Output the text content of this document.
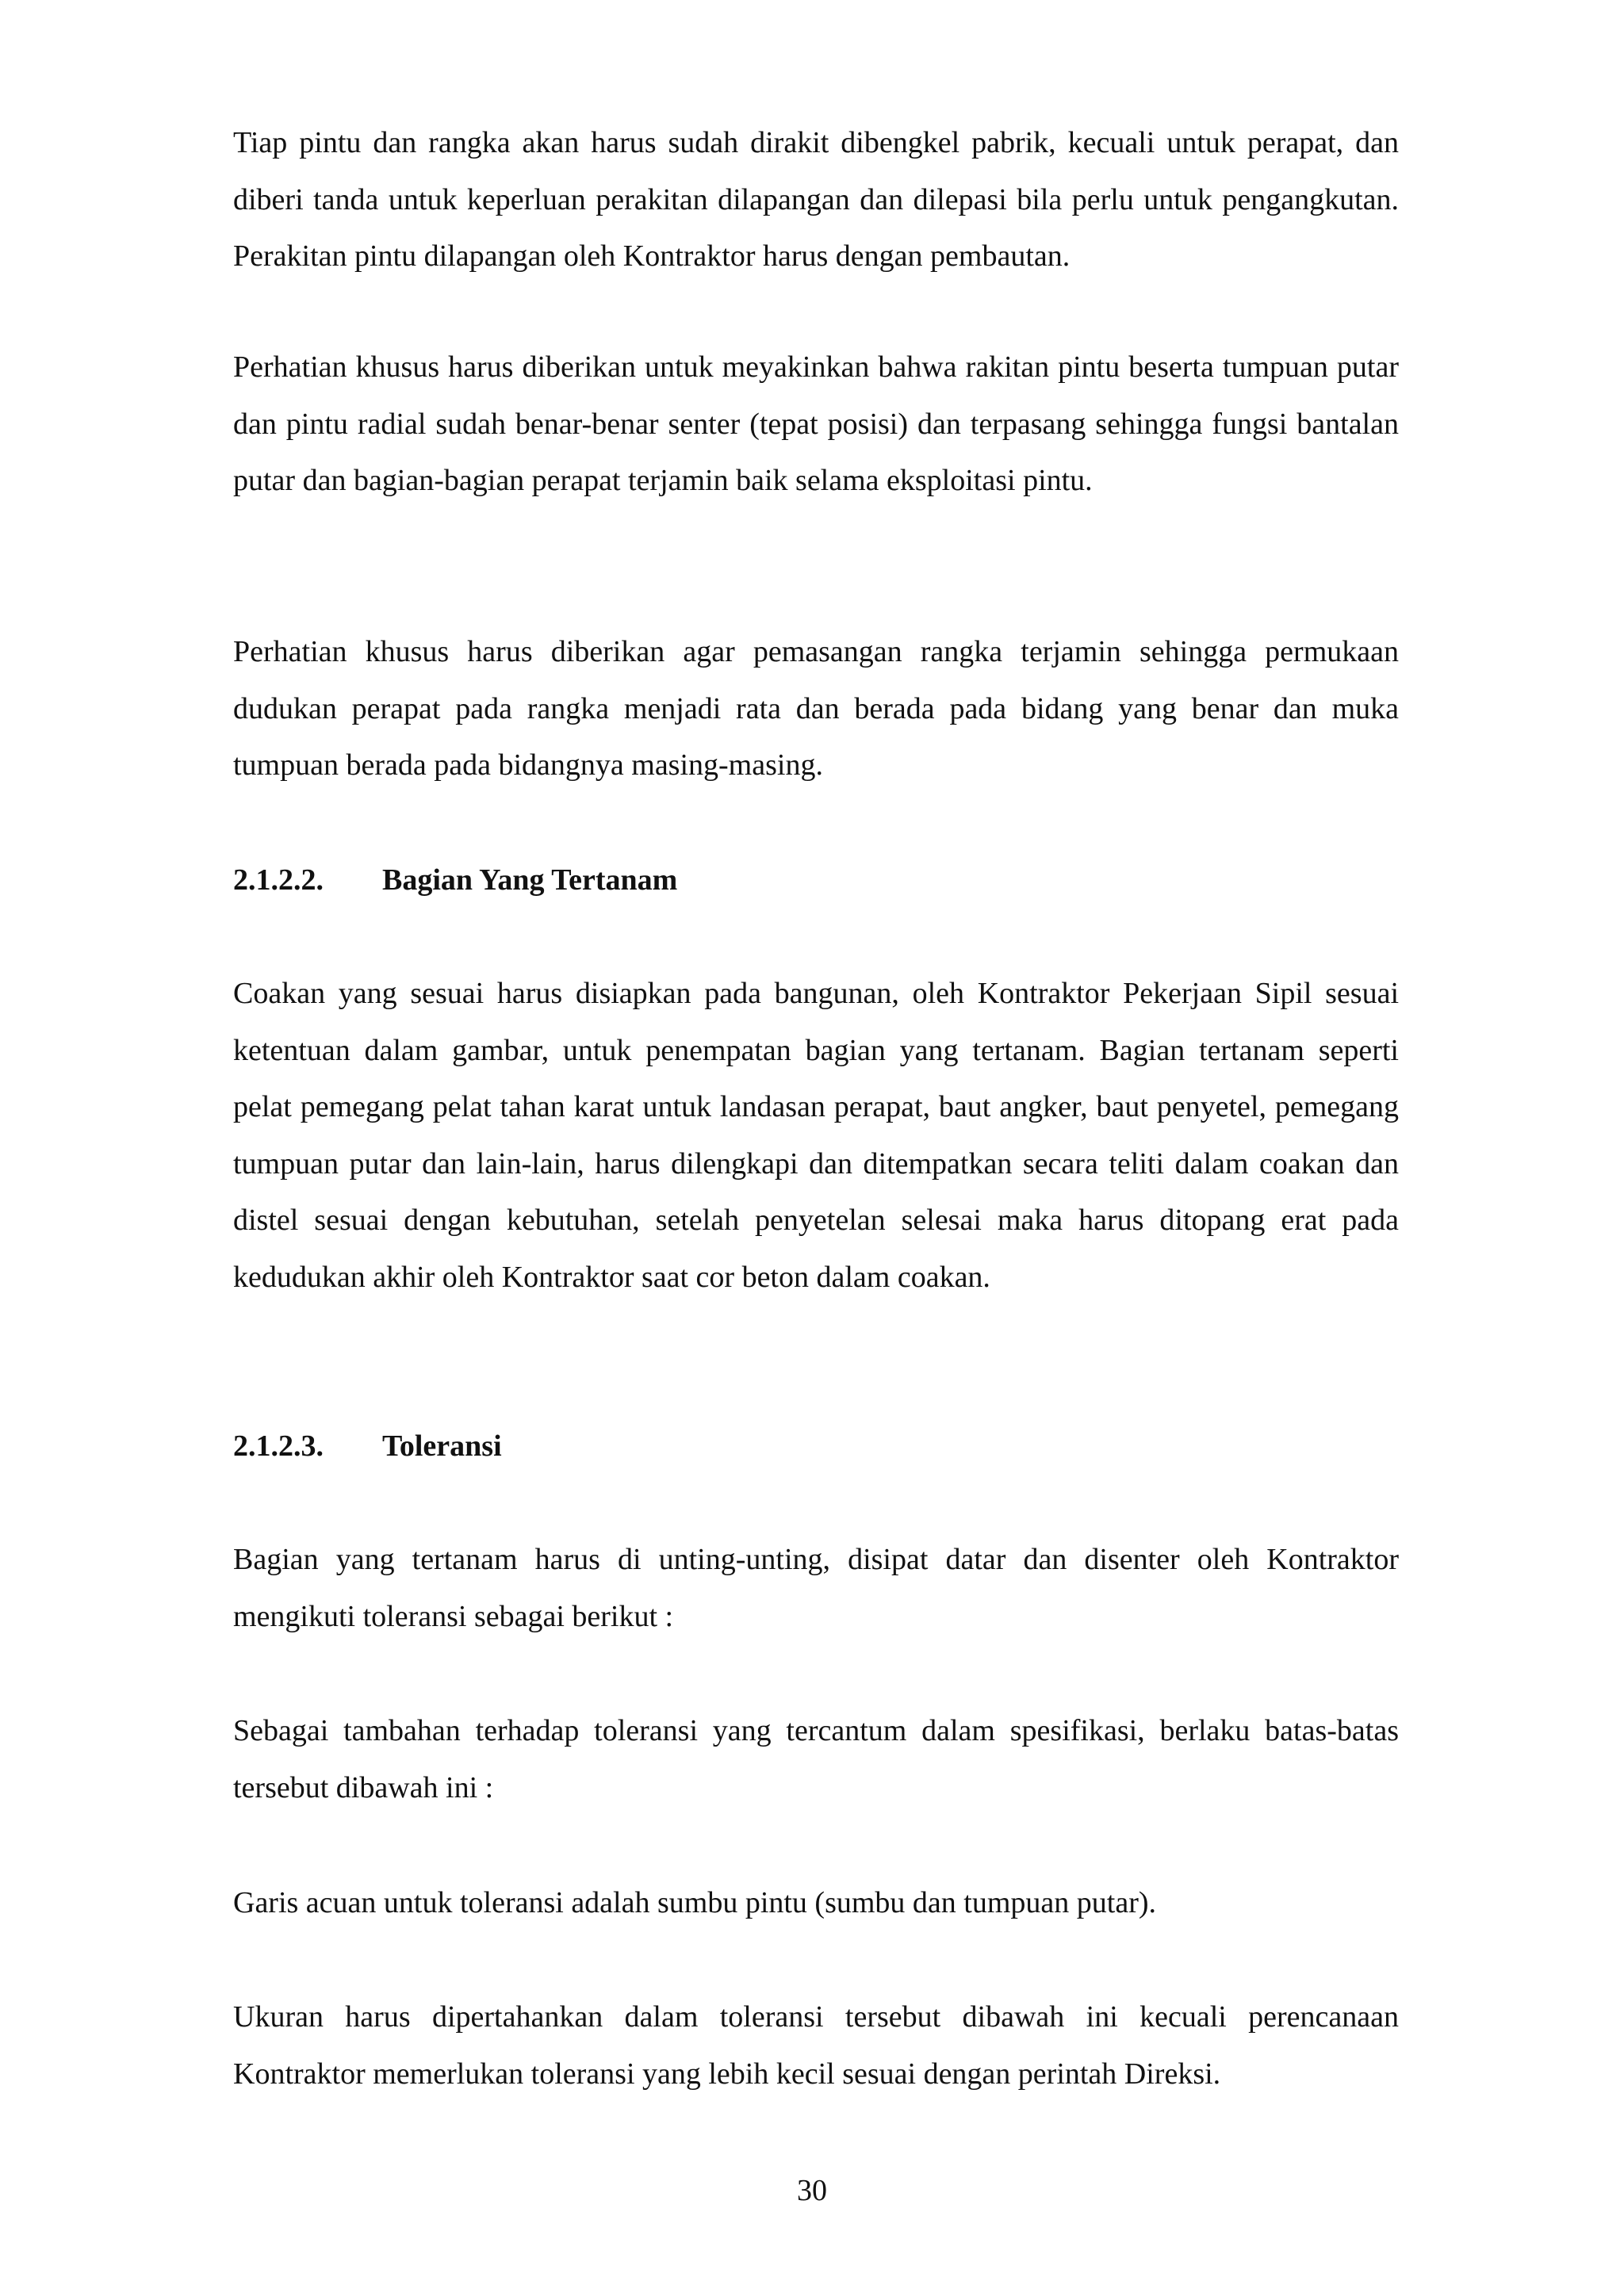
Tiap pintu dan rangka akan harus sudah dirakit dibengkel pabrik, kecuali untuk perapat, dan diberi tanda untuk keperluan perakitan dilapangan dan dilepasi bila perlu untuk pengangkutan. Perakitan pintu dilapangan oleh Kontraktor harus dengan pembautan.

Perhatian khusus harus diberikan untuk meyakinkan bahwa rakitan pintu beserta tumpuan putar dan pintu radial sudah benar-benar senter (tepat posisi) dan terpasang sehingga fungsi bantalan putar dan bagian-bagian perapat terjamin baik selama eksploitasi pintu.

Perhatian khusus harus diberikan agar pemasangan rangka terjamin sehingga permukaan dudukan perapat pada rangka menjadi rata dan berada pada bidang yang benar dan muka tumpuan berada pada bidangnya masing-masing.

2.1.2.2. Bagian Yang Tertanam

Coakan yang sesuai harus disiapkan pada bangunan, oleh Kontraktor Pekerjaan Sipil sesuai ketentuan dalam gambar, untuk penempatan bagian yang tertanam. Bagian tertanam seperti pelat pemegang pelat tahan karat untuk landasan perapat, baut angker, baut penyetel, pemegang tumpuan putar dan lain-lain, harus dilengkapi dan ditempatkan secara teliti dalam coakan dan distel sesuai dengan kebutuhan, setelah penyetelan selesai maka harus ditopang erat pada kedudukan akhir oleh Kontraktor saat cor beton dalam coakan.

2.1.2.3. Toleransi

Bagian yang tertanam harus di unting-unting, disipat datar dan disenter oleh Kontraktor mengikuti toleransi sebagai berikut :

Sebagai tambahan terhadap toleransi yang tercantum dalam spesifikasi, berlaku batas-batas tersebut dibawah ini :

Garis acuan untuk toleransi adalah sumbu pintu (sumbu dan tumpuan putar).

Ukuran harus dipertahankan dalam toleransi tersebut dibawah ini kecuali perencanaan Kontraktor memerlukan toleransi yang lebih kecil sesuai dengan perintah Direksi.

30
